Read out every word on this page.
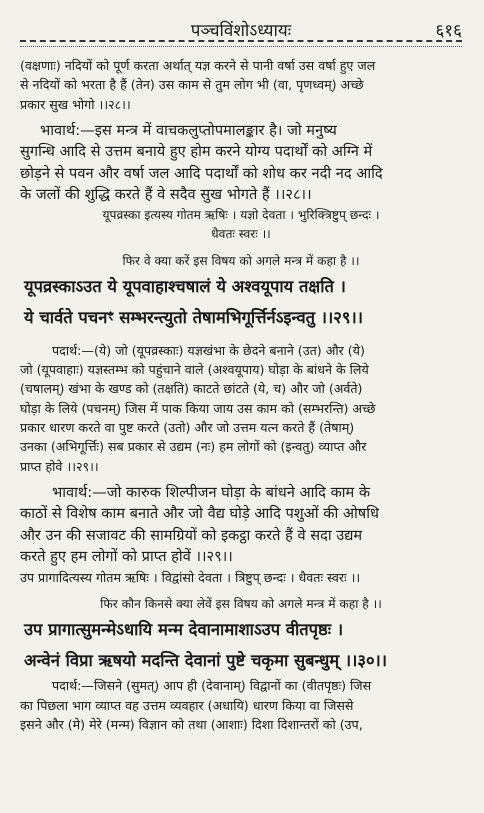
पञ्चविंशोऽध्यायः	६१६

(वक्षणाः) नदियों को पूर्ण करता अर्थात् यज्ञ करने से पानी वर्षा उस वर्षा हुए जल

से नदियों को भरता है हैं (तेन) उस काम से तुम लोग भी (वा, पृणध्वम्) अच्छे

प्रकार सुख भोगो ।।२८।।

भावार्थ:—इस मन्त्र में वाचकलुप्तोपमालङ्कार है। जो मनुष्य

सुगन्धि आदि से उत्तम बनाये हुए होम करने योग्य पदार्थों को अग्नि में

छोड़ने से पवन और वर्षा जल आदि पदार्थों को शोध कर नदी नद आदि

के जलों की शुद्धि करते हैं वे सदैव सुख भोगते हैं ।।२८।।

यूपव्रस्का इत्यस्य गोतम ऋषिः । यज्ञो देवता । भुरिक्त्रिष्टुप् छन्दः ।

धैवतः स्वरः ।।

फिर वे क्या करें इस विषय को अगले मन्त्र में कहा है ।।

यूपव्रस्काऽउत ये यूपवाहाश्चषालं ये अश्वयूपाय तक्षति ।

ये चार्वते पचनꣳ सम्भरन्त्युतो तेषामभिगूर्त्तिर्नऽइन्वतु ।।२९।।

पदार्थ:—(ये) जो (यूपव्रस्काः) यज्ञखंभा के छेदने बनाने (उत) और (ये)

जो (यूपवाहाः) यज्ञस्तम्भ को पहुंचाने वाले (अश्वयूपाय) घोड़ा के बांधने के लिये

(चषालम्) खंभा के खण्ड को (तक्षति) काटते छांटते (ये, च) और जो (अर्वते)

घोड़ा के लिये (पचनम्) जिस में पाक किया जाय उस काम को (सम्भरन्ति) अच्छे

प्रकार धारण करते वा पुष्ट करते (उतो) और जो उत्तम यत्न करते हैं (तेषाम्)

उनका (अभिगूर्त्तिः) सब प्रकार से उद्यम (नः) हम लोगों को (इन्वतु) व्याप्त और

प्राप्त होवे ।।२९।।

भावार्थ:—जो कारुक शिल्पीजन घोड़ा के बांधने आदि काम के

काठों से विशेष काम बनाते और जो वैद्य घोड़े आदि पशुओं की ओषधि

और उन की सजावट की सामग्रियों को इकट्ठा करते हैं वे सदा उद्यम

करते हुए हम लोगों को प्राप्त होवें ।।२९।।

उप प्रागादित्यस्य गोतम ऋषिः । विद्वांसो देवता । त्रिष्टुप् छन्दः । धैवतः स्वरः ।।

फिर कौन किनसे क्या लेवें इस विषय को अगले मन्त्र में कहा है ।।

उप प्रागात्सुमन्मेऽधायि मन्म देवानामाशाऽउप वीतपृष्ठः ।

अन्वेनं विप्रा ऋषयो मदन्ति देवानां पुष्टे चकृमा सुबन्धुम् ।।३०।।

पदार्थ:—जिसने (सुमत्) आप ही (देवानाम्) विद्वानों का (वीतपृष्ठः) जिस

का पिछला भाग व्याप्त वह उत्तम व्यवहार (अधायि) धारण किया वा जिससे

इसने और (मे) मेरे (मन्म) विज्ञान को तथा (आशाः) दिशा दिशान्तरों को (उप,
